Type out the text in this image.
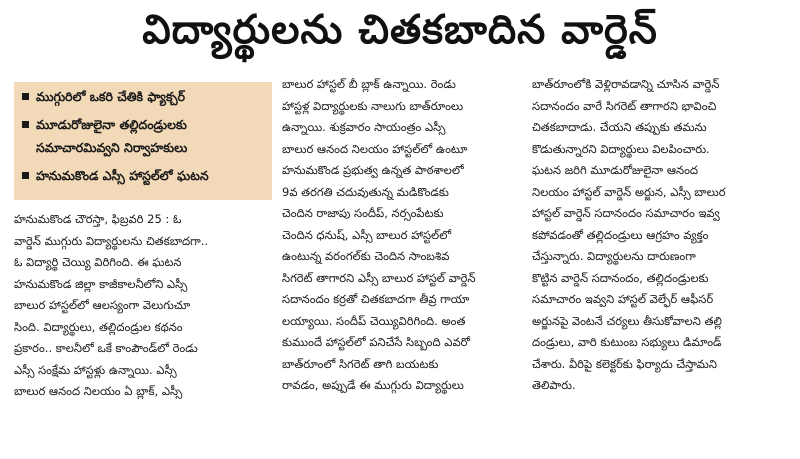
విద్యార్థులను చితకబాదిన వార్డెన్
ముగ్గురిలో ఒకరి చేతికి ఫ్యాక్చర్
మూడురోజులైనా తల్లిదండ్రులకు
సమాచారమివ్వని నిర్వాహకులు
హనుమకొండ ఎస్సీ హాస్టల్‌లో ఘటన
హనుమకొండ చౌరస్తా, ఫిబ్రవరి 25 : ఓ
వార్డెన్ ముగ్గురు విద్యార్థులను చితకబాదగా..
ఓ విద్యార్థి చెయ్యి విరిగింది. ఈ ఘటన
హనుమకొండ జిల్లా కాజీకాలనీలోని ఎస్సీ
బాలుర హాస్టల్‌లో ఆలస్యంగా వెలుగుచూ
సింది. విద్యార్థులు, తల్లిదండ్రుల కథనం
ప్రకారం.. కాలనీలో ఒకే కాంపౌండ్‌లో రెండు
ఎస్సీ సంక్షేమ హాస్టళ్లు ఉన్నాయి. ఎస్సీ
బాలుర ఆనంద నిలయం ఏ బ్లాక్, ఎస్సీ
బాలుర హాస్టల్ బీ బ్లాక్ ఉన్నాయి. రెండు
హాస్టళ్ల విద్యార్థులకు నాలుగు బాత్‌రూంలు
ఉన్నాయి. శుక్రవారం సాయంత్రం ఎస్సీ
బాలుర ఆనంద నిలయం హాస్టల్‌లో ఉంటూ
హనుమకొండ ప్రభుత్వ ఉన్నత పాఠశాలలో
9వ తరగతి చదువుతున్న మడికొండకు
చెందిన రాజాపు సందీప్, నర్సంపేటకు
చెందిన ధనుష్, ఎస్సీ బాలుర హాస్టల్‌లో
ఉంటున్న వరంగల్‌కు చెందిన సాంబశివ
సిగరెట్ తాగారని ఎస్సీ బాలుర హాస్టల్ వార్డెన్
సదానందం కర్రతో చితకబాదగా తీవ్ర గాయా
లయ్యాయి. సందీప్ చెయ్యివిరిగింది. అంత
కుముందే హాస్టల్‌లో పనిచేసే సిబ్బంది ఎవరో
బాత్‌రూంలో సిగరెట్ తాగి బయటకు
రావడం, అప్పుడే ఈ ముగ్గురు విద్యార్థులు
బాత్‌రూంలోకి వెళ్లిరావడాన్ని చూసిన వార్డెన్
సదానందం వారే సిగరెట్ తాగారని భావించి
చితకబాదాడు. చేయని తప్పుకు తమను
కొడుతున్నారని విద్యార్థులు విలపించారు.
ఘటన జరిగి మూడురోజులైనా ఆనంద
నిలయం హాస్టల్ వార్డెన్ అర్జున, ఎస్సీ బాలుర
హాస్టల్ వార్డెన్ సదానందం సమాచారం ఇవ్వ
కపోవడంతో తల్లిదండ్రులు ఆగ్రహం వ్యక్తం
చేస్తున్నారు. విద్యార్థులను దారుణంగా
కొట్టిన వార్డెన్ సదానందం, తల్లిదండ్రులకు
సమాచారం ఇవ్వని హాస్టల్ వెల్ఫేర్ ఆఫీసర్
అర్జునపై వెంటనే చర్యలు తీసుకోవాలని తల్లి
దండ్రులు, వారి కుటుంబ సభ్యులు డిమాండ్
చేశారు. వీరిపై కలెక్టర్‌కు ఫిర్యాదు చేస్తామని
తెలిపారు.
